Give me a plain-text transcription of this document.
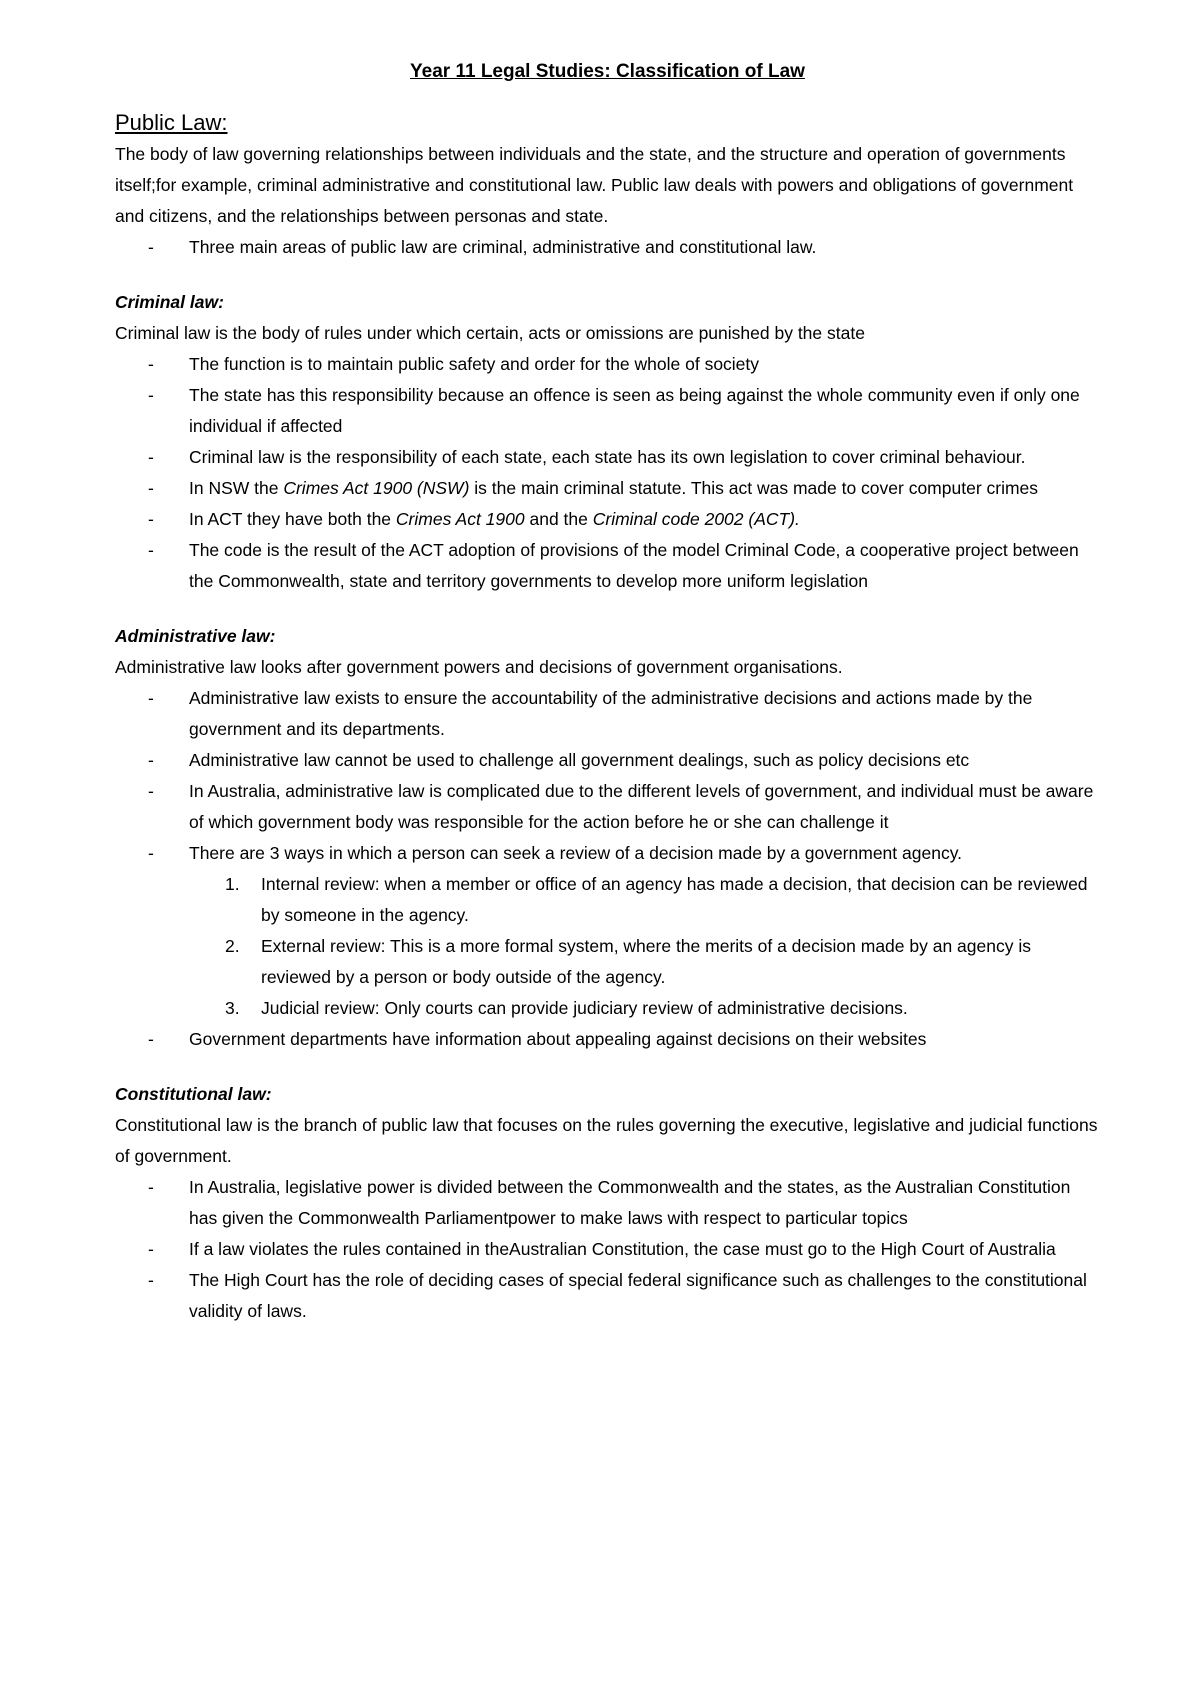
Year 11 Legal Studies: Classification of Law
Public Law:

The body of law governing relationships between individuals and the state, and the structure and operation of governments itself;for example, criminal administrative and constitutional law. Public law deals with powers and obligations of government and citizens, and the relationships between personas and state.

- Three main areas of public law are criminal, administrative and constitutional law.
Criminal law:

Criminal law is the body of rules under which certain, acts or omissions are punished by the state

- The function is to maintain public safety and order for the whole of society
- The state has this responsibility because an offence is seen as being against the whole community even if only one individual if affected
- Criminal law is the responsibility of each state, each state has its own legislation to cover criminal behaviour.
- In NSW the Crimes Act 1900 (NSW) is the main criminal statute. This act was made to cover computer crimes
- In ACT they have both the Crimes Act 1900 and the Criminal code 2002 (ACT).
- The code is the result of the ACT adoption of provisions of the model Criminal Code, a cooperative project between the Commonwealth, state and territory governments to develop more uniform legislation
Administrative law:

Administrative law looks after government powers and decisions of government organisations.

- Administrative law exists to ensure the accountability of the administrative decisions and actions made by the government and its departments.
- Administrative law cannot be used to challenge all government dealings, such as policy decisions etc
- In Australia, administrative law is complicated due to the different levels of government, and individual must be aware of which government body was responsible for the action before he or she can challenge it
- There are 3 ways in which a person can seek a review of a decision made by a government agency.
1. Internal review: when a member or office of an agency has made a decision, that decision can be reviewed by someone in the agency.
2. External review: This is a more formal system, where the merits of a decision made by an agency is reviewed by a person or body outside of the agency.
3. Judicial review: Only courts can provide judiciary review of administrative decisions.
- Government departments have information about appealing against decisions on their websites
Constitutional law:

Constitutional law is the branch of public law that focuses on the rules governing the executive, legislative and judicial functions of government.

- In Australia, legislative power is divided between the Commonwealth and the states, as the Australian Constitution has given the Commonwealth Parliamentpower to make laws with respect to particular topics
- If a law violates the rules contained in theAustralian Constitution, the case must go to the High Court of Australia
- The High Court has the role of deciding cases of special federal significance such as challenges to the constitutional validity of laws.
